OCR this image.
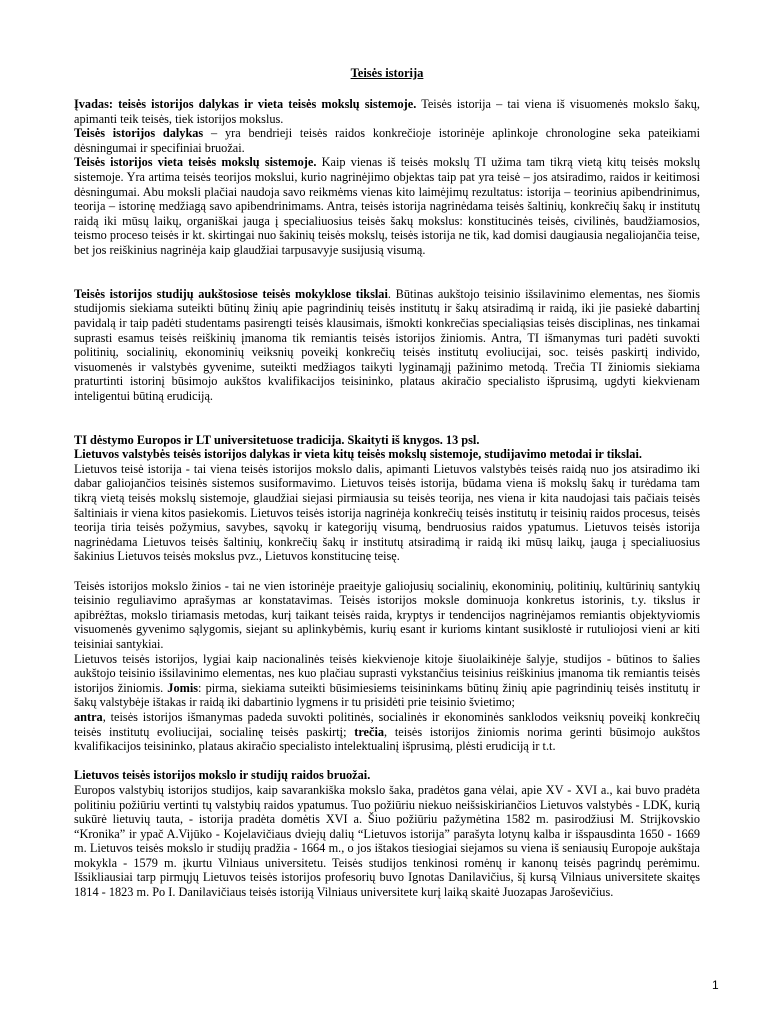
Teisės istorija

Įvadas: teisės istorijos dalykas ir vieta teisės mokslų sistemoje. Teisės istorija – tai viena iš visuomenės mokslo šakų, apimanti teik teisės, tiek istorijos mokslus.

Teisės istorijos dalykas – yra bendrieji teisės raidos konkrečioje istorinėje aplinkoje chronologine seka pateikiami dėsningumai ir specifiniai bruožai.

Teisės istorijos vieta teisės mokslų sistemoje. Kaip vienas iš teisės mokslų TI užima tam tikrą vietą kitų teisės mokslų sistemoje. Yra artima teisės teorijos mokslui, kurio nagrinėjimo objektas taip pat yra teisė – jos atsiradimo, raidos ir keitimosi dėsningumai. Abu moksli plačiai naudoja savo reikmėms vienas kito laimėjimų rezultatus: istorija – teorinius apibendrinimus, teorija – istorinę medžiagą savo apibendrinimams. Antra, teisės istorija nagrinėdama teisės šaltinių, konkrečių šakų ir institutų raidą iki mūsų laikų, organiškai jauga į specialiuosius teisės šakų mokslus: konstitucinės teisės, civilinės, baudžiamosios, teismo proceso teisės ir kt. skirtingai nuo šakinių teisės mokslų, teisės istorija ne tik, kad domisi daugiausia negaliojančia teise, bet jos reiškinius nagrinėja kaip glaudžiai tarpusavyje susijusią visumą.

Teisės istorijos studijų aukštosiose teisės mokyklose tikslai. Būtinas aukštojo teisinio išsilavinimo elementas, nes šiomis studijomis siekiama suteikti būtinų žinių apie pagrindinių teisės institutų ir šakų atsiradimą ir raidą, iki jie pasiekė dabartinį pavidalą ir taip padėti studentams pasirengti teisės klausimais, išmokti konkrečias specialiąsias teisės disciplinas, nes tinkamai suprasti esamus teisės reiškinių įmanoma tik remiantis teisės istorijos žiniomis. Antra, TI išmanymas turi padėti suvokti politinių, socialinių, ekonominių veiksnių poveikį konkrečių teisės institutų evoliucijai, soc. teisės paskirtį individo, visuomenės ir valstybės gyvenime, suteikti medžiagos taikyti lyginamąjį pažinimo metodą. Trečia TI žiniomis siekiama praturtinti istorinį būsimojo aukštos kvalifikacijos teisininko, plataus akiračio specialisto išprusimą, ugdyti kiekvienam inteligentui būtiną erudiciją.

TI dėstymo Europos ir LT universitetuose tradicija. Skaityti iš knygos. 13 psl.

Lietuvos valstybės teisės istorijos dalykas ir vieta kitų teisės mokslų sistemoje, studijavimo metodai ir tikslai.

Lietuvos teisė istorija - tai viena teisės istorijos mokslo dalis, apimanti Lietuvos valstybės teisės raidą nuo jos atsiradimo iki dabar galiojančios teisinės sistemos susiformavimo. Lietuvos teisės istorija, būdama viena iš mokslų šakų ir turėdama tam tikrą vietą teisės mokslų sistemoje, glaudžiai siejasi pirmiausia su teisės teorija, nes viena ir kita naudojasi tais pačiais teisės šaltiniais ir viena kitos pasiekomis. Lietuvos teisės istorija nagrinėja konkrečių teisės institutų ir teisinių raidos procesus, teisės teorija tiria teisės požymius, savybes, sąvokų ir kategorijų visumą, bendruosius raidos ypatumus. Lietuvos teisės istorija nagrinėdama Lietuvos teisės šaltinių, konkrečių šakų ir institutų atsiradimą ir raidą iki mūsų laikų, įauga į specialiuosius šakinius Lietuvos teisės mokslus pvz., Lietuvos konstitucinę teisę.

Teisės istorijos mokslo žinios - tai ne vien istorinėje praeityje galiojusių socialinių, ekonominių, politinių, kultūrinių santykių teisinio reguliavimo aprašymas ar konstatavimas. Teisės istorijos moksle dominuoja konkretus istorinis, t.y. tikslus ir apibrėžtas, mokslo tiriamasis metodas, kurį taikant teisės raida, kryptys ir tendencijos nagrinėjamos remiantis objektyviomis visuomenės gyvenimo sąlygomis, siejant su aplinkybėmis, kurių esant ir kurioms kintant susiklostė ir rutuliojosi vieni ar kiti teisiniai santykiai.

Lietuvos teisės istorijos, lygiai kaip nacionalinės teisės kiekvienoje kitoje šiuolaikinėje šalyje, studijos - būtinos to šalies aukštojo teisinio išsilavinimo elementas, nes kuo plačiau suprasti vykstančius teisinius reiškinius įmanoma tik remiantis teisės istorijos žiniomis. Jomis: pirma, siekiama suteikti būsimiesiems teisininkams būtinų žinių apie pagrindinių teisės institutų ir šakų valstybėje ištakas ir raidą iki dabartinio lygmens ir tu prisidėti prie teisinio švietimo;
antra, teisės istorijos išmanymas padeda suvokti politinės, socialinės ir ekonominės sanklodos veiksnių poveikį konkrečių teisės institutų evoliucijai, socialinę teisės paskirtį; trečia, teisės istorijos žiniomis norima gerinti būsimojo aukštos kvalifikacijos teisininko, plataus akiračio specialisto intelektualinį išprusimą, plėsti erudiciją ir t.t.

Lietuvos teisės istorijos mokslo ir studijų raidos bruožai.

Europos valstybių istorijos studijos, kaip savarankiška mokslo šaka, pradėtos gana vėlai, apie XV - XVI a., kai buvo pradėta politiniu požiūriu vertinti tų valstybių raidos ypatumus. Tuo požiūriu niekuo neišsiskiriančios Lietuvos valstybės - LDK, kurią sukūrė lietuvių tauta, - istorija pradėta domėtis XVI a. Šiuo požiūriu pažymėtina 1582 m. pasirodžiusi M. Strijkovskio “Kronika” ir ypač A.Vijūko - Kojelavičiaus dviejų dalių “Lietuvos istorija” parašyta lotynų kalba ir išspausdinta 1650 - 1669 m. Lietuvos teisės mokslo ir studijų pradžia - 1664 m., o jos ištakos tiesiogiai siejamos su viena iš seniausių Europoje aukštaja mokykla - 1579 m. įkurtu Vilniaus universitetu. Teisės studijos tenkinosi romėnų ir kanonų teisės pagrindų perėmimu. Išsikliausiai tarp pirmųjų Lietuvos teisės istorijos profesorių buvo Ignotas Danilavičius, šį kursą Vilniaus universitete skaitęs 1814 - 1823 m. Po I. Danilavičiaus teisės istoriją Vilniaus universitete kurį laiką skaitė Juozapas Jaroševičius.

1
